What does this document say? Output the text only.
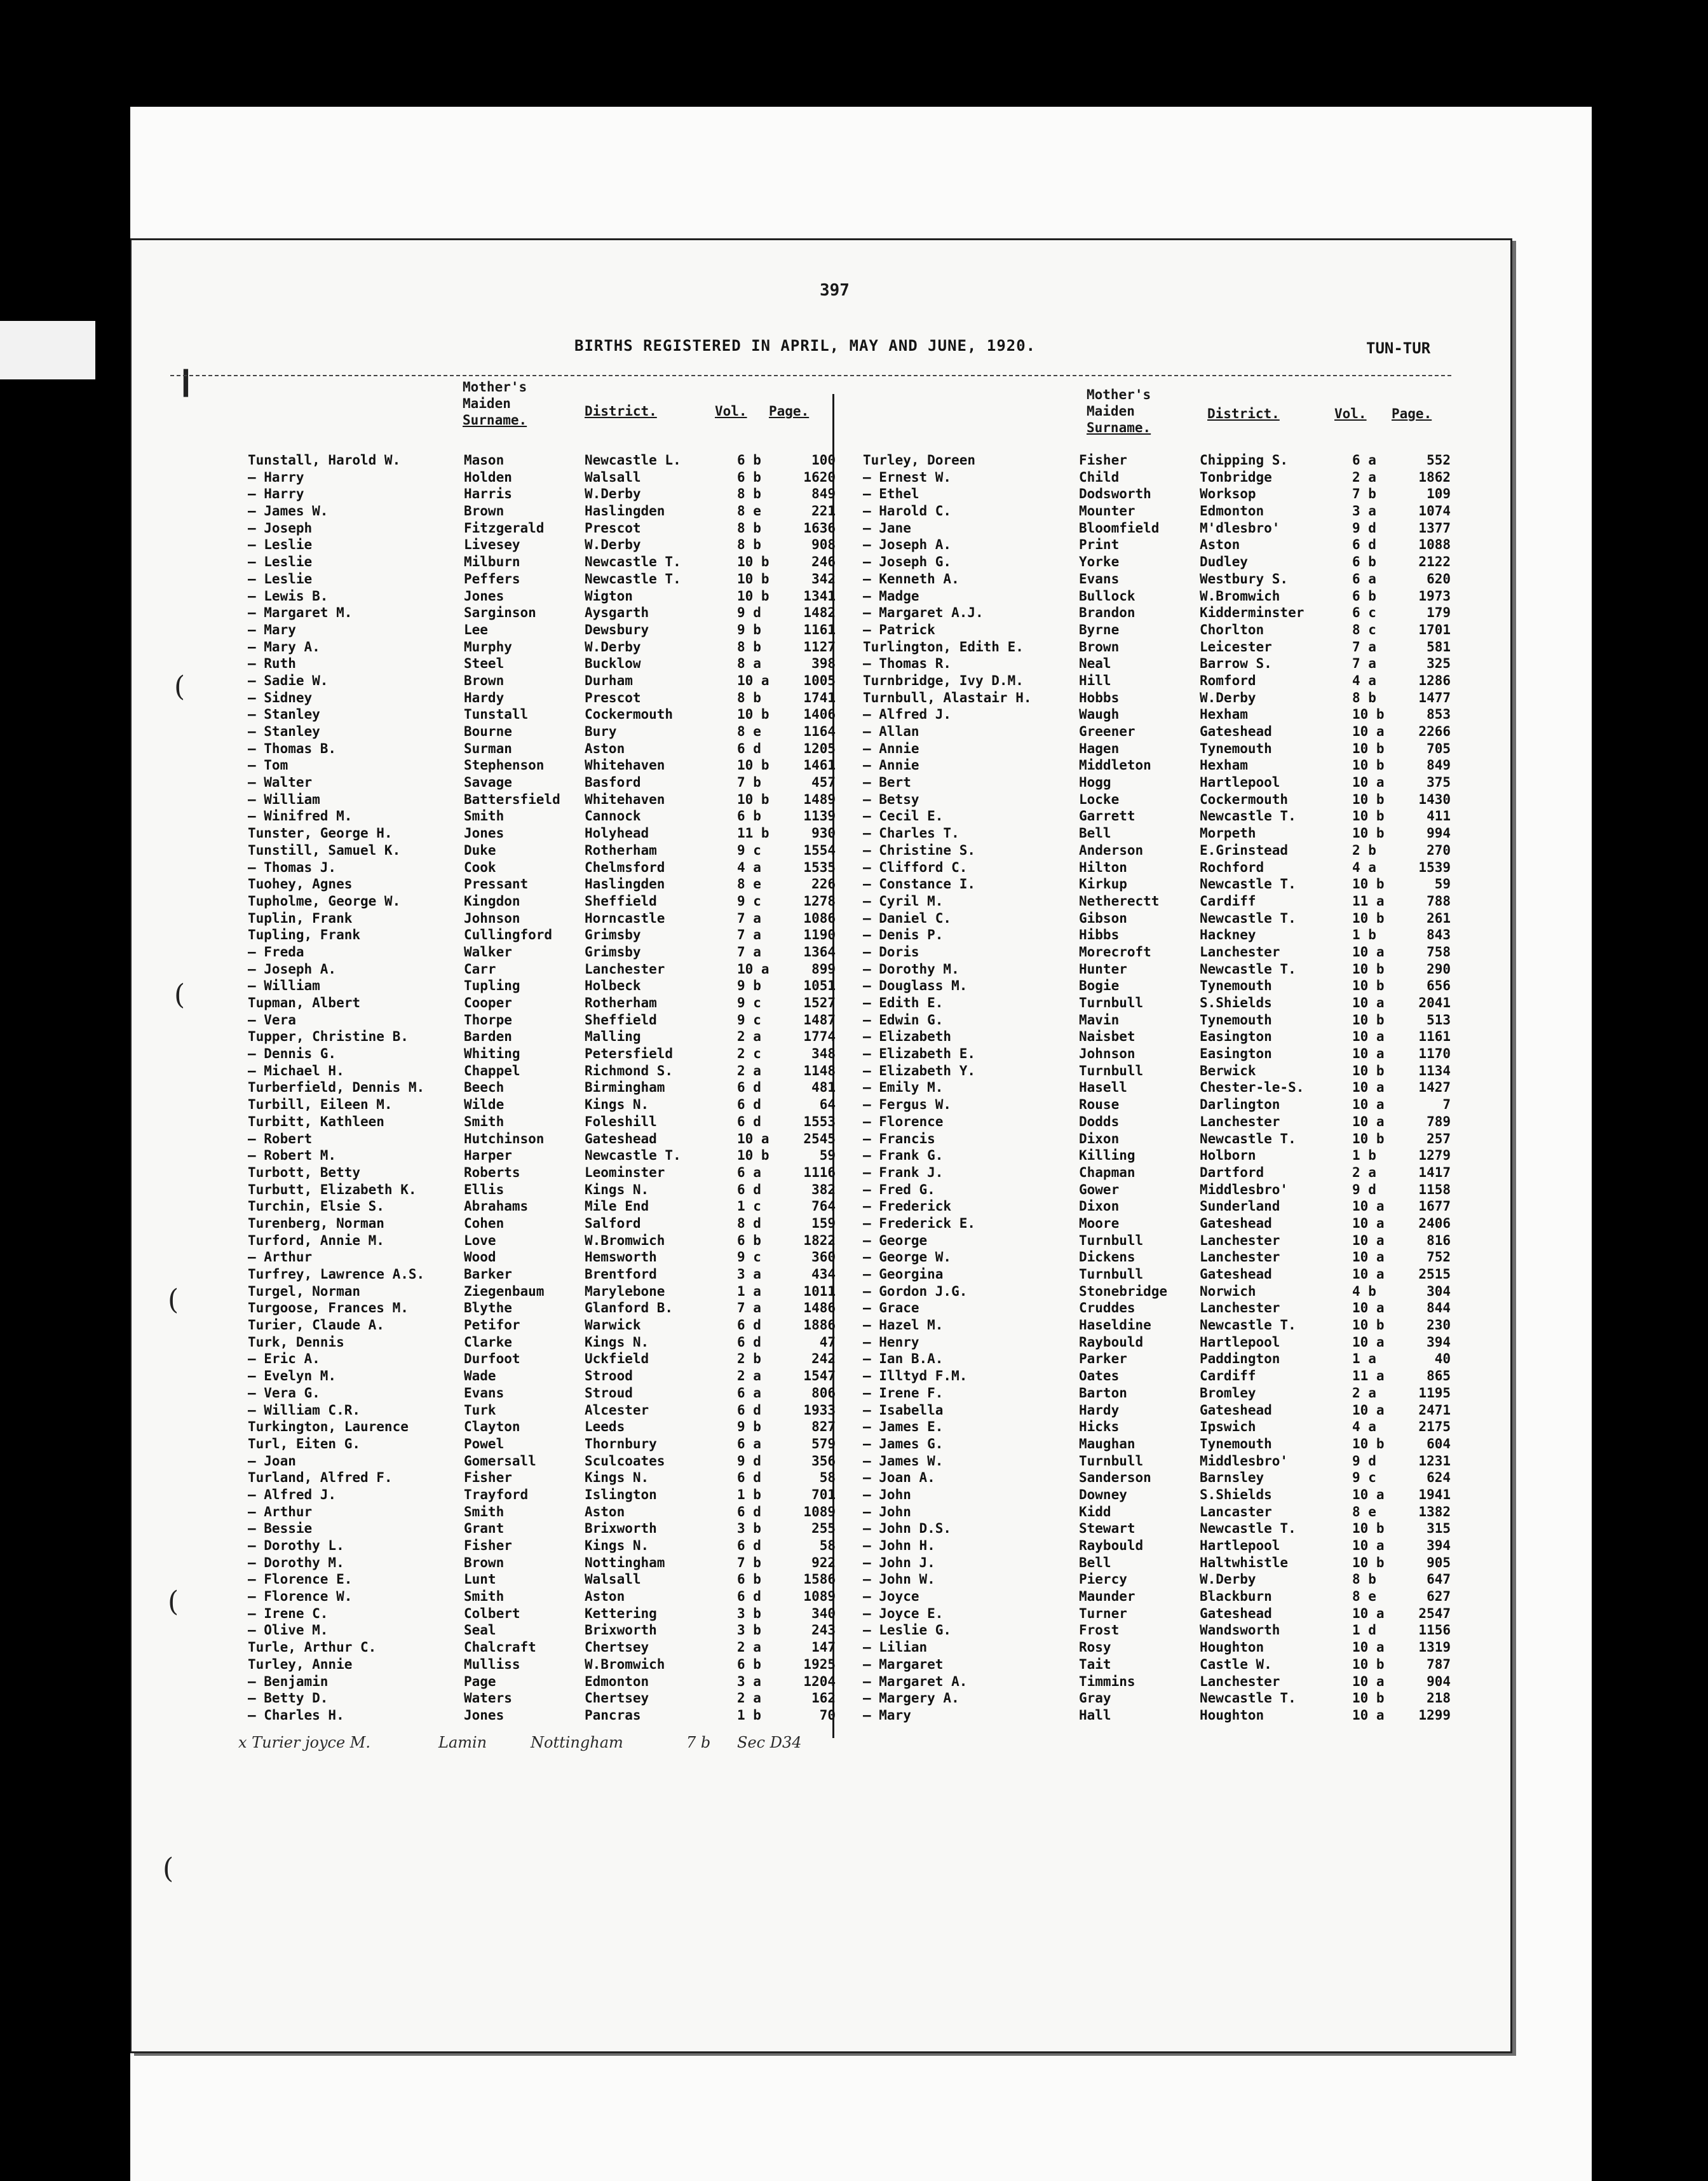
❙
(
(
(
(
(
397
BIRTHS REGISTERED IN APRIL, MAY AND JUNE, 1920.	TUN-TUR
Mother's
Maiden
Surname.
District.	Vol. Page.
Mother's
Maiden
Surname.
District.	Vol. Page.
Tunstall, Harold W.	Mason	Newcastle L.	6 b	100
— Harry	Holden	Walsall	6 b	1620
— Harry	Harris	W.Derby	8 b	849
— James W.	Brown	Haslingden	8 e	221
— Joseph	Fitzgerald	Prescot	8 b	1636
— Leslie	Livesey	W.Derby	8 b	908
— Leslie	Milburn	Newcastle T.	10 b	246
— Leslie	Peffers	Newcastle T.	10 b	342
— Lewis B.	Jones	Wigton	10 b	1341
— Margaret M.	Sarginson	Aysgarth	9 d	1482
— Mary	Lee	Dewsbury	9 b	1161
— Mary A.	Murphy	W.Derby	8 b	1127
— Ruth	Steel	Bucklow	8 a	398
— Sadie W.	Brown	Durham	10 a	1005
— Sidney	Hardy	Prescot	8 b	1741
— Stanley	Tunstall	Cockermouth	10 b	1406
— Stanley	Bourne	Bury	8 e	1164
— Thomas B.	Surman	Aston	6 d	1205
— Tom	Stephenson	Whitehaven	10 b	1461
— Walter	Savage	Basford	7 b	457
— William	Battersfield Whitehaven	10 b	1489
— Winifred M.	Smith	Cannock	6 b	1139
Tunster, George H.	Jones	Holyhead	11 b	930
Tunstill, Samuel K.	Duke	Rotherham	9 c	1554
— Thomas J.	Cook	Chelmsford	4 a	1535
Tuohey, Agnes	Pressant	Haslingden	8 e	226
Tupholme, George W.	Kingdon	Sheffield	9 c	1278
Tuplin, Frank	Johnson	Horncastle	7 a	1086
Tupling, Frank	Cullingford Grimsby	7 a	1190
— Freda	Walker	Grimsby	7 a	1364
— Joseph A.	Carr	Lanchester	10 a	899
— William	Tupling	Holbeck	9 b	1051
Tupman, Albert	Cooper	Rotherham	9 c	1527
— Vera	Thorpe	Sheffield	9 c	1487
Tupper, Christine B.	Barden	Malling	2 a	1774
— Dennis G.	Whiting	Petersfield	2 c	348
— Michael H.	Chappel	Richmond S.	2 a	1148
Turberfield, Dennis M.	Beech	Birmingham	6 d	481
Turbill, Eileen M.	Wilde	Kings N.	6 d	64
Turbitt, Kathleen	Smith	Foleshill	6 d	1553
— Robert	Hutchinson	Gateshead	10 a	2545
— Robert M.	Harper	Newcastle T.	10 b	59
Turbott, Betty	Roberts	Leominster	6 a	1116
Turbutt, Elizabeth K.	Ellis	Kings N.	6 d	382
Turchin, Elsie S.	Abrahams	Mile End	1 c	764
Turenberg, Norman	Cohen	Salford	8 d	159
Turford, Annie M.	Love	W.Bromwich	6 b	1822
— Arthur	Wood	Hemsworth	9 c	360
Turfrey, Lawrence A.S.	Barker	Brentford	3 a	434
Turgel, Norman	Ziegenbaum	Marylebone	1 a	1011
Turgoose, Frances M.	Blythe	Glanford B.	7 a	1486
Turier, Claude A.	Petifor	Warwick	6 d	1886
Turk, Dennis	Clarke	Kings N.	6 d	47
— Eric A.	Durfoot	Uckfield	2 b	242
— Evelyn M.	Wade	Strood	2 a	1547
— Vera G.	Evans	Stroud	6 a	806
— William C.R.	Turk	Alcester	6 d	1933
Turkington, Laurence	Clayton	Leeds	9 b	827
Turl, Eiten G.	Powel	Thornbury	6 a	579
— Joan	Gomersall	Sculcoates	9 d	356
Turland, Alfred F.	Fisher	Kings N.	6 d	58
— Alfred J.	Trayford	Islington	1 b	701
— Arthur	Smith	Aston	6 d	1089
— Bessie	Grant	Brixworth	3 b	255
— Dorothy L.	Fisher	Kings N.	6 d	58
— Dorothy M.	Brown	Nottingham	7 b	922
— Florence E.	Lunt	Walsall	6 b	1586
— Florence W.	Smith	Aston	6 d	1089
— Irene C.	Colbert	Kettering	3 b	340
— Olive M.	Seal	Brixworth	3 b	243
Turle, Arthur C.	Chalcraft	Chertsey	2 a	147
Turley, Annie	Mulliss	W.Bromwich	6 b	1925
— Benjamin	Page	Edmonton	3 a	1204
— Betty D.	Waters	Chertsey	2 a	162
— Charles H.	Jones	Pancras	1 b	70
Turley, Doreen	Fisher	Chipping S.	6 a	552
— Ernest W.	Child	Tonbridge	2 a	1862
— Ethel	Dodsworth	Worksop	7 b	109
— Harold C.	Mounter	Edmonton	3 a	1074
— Jane	Bloomfield	M'dlesbro'	9 d	1377
— Joseph A.	Print	Aston	6 d	1088
— Joseph G.	Yorke	Dudley	6 b	2122
— Kenneth A.	Evans	Westbury S.	6 a	620
— Madge	Bullock	W.Bromwich	6 b	1973
— Margaret A.J.	Brandon	Kidderminster	6 c	179
— Patrick	Byrne	Chorlton	8 c	1701
Turlington, Edith E.	Brown	Leicester	7 a	581
— Thomas R.	Neal	Barrow S.	7 a	325
Turnbridge, Ivy D.M.	Hill	Romford	4 a	1286
Turnbull, Alastair H.	Hobbs	W.Derby	8 b	1477
— Alfred J.	Waugh	Hexham	10 b	853
— Allan	Greener	Gateshead	10 a	2266
— Annie	Hagen	Tynemouth	10 b	705
— Annie	Middleton	Hexham	10 b	849
— Bert	Hogg	Hartlepool	10 a	375
— Betsy	Locke	Cockermouth	10 b	1430
— Cecil E.	Garrett	Newcastle T.	10 b	411
— Charles T.	Bell	Morpeth	10 b	994
— Christine S.	Anderson	E.Grinstead	2 b	270
— Clifford C.	Hilton	Rochford	4 a	1539
— Constance I.	Kirkup	Newcastle T.	10 b	59
— Cyril M.	Netherectt	Cardiff	11 a	788
— Daniel C.	Gibson	Newcastle T.	10 b	261
— Denis P.	Hibbs	Hackney	1 b	843
— Doris	Morecroft	Lanchester	10 a	758
— Dorothy M.	Hunter	Newcastle T.	10 b	290
— Douglass M.	Bogie	Tynemouth	10 b	656
— Edith E.	Turnbull	S.Shields	10 a	2041
— Edwin G.	Mavin	Tynemouth	10 b	513
— Elizabeth	Naisbet	Easington	10 a	1161
— Elizabeth E.	Johnson	Easington	10 a	1170
— Elizabeth Y.	Turnbull	Berwick	10 b	1134
— Emily M.	Hasell	Chester-le-S.	10 a	1427
— Fergus W.	Rouse	Darlington	10 a	7
— Florence	Dodds	Lanchester	10 a	789
— Francis	Dixon	Newcastle T.	10 b	257
— Frank G.	Killing	Holborn	1 b	1279
— Frank J.	Chapman	Dartford	2 a	1417
— Fred G.	Gower	Middlesbro'	9 d	1158
— Frederick	Dixon	Sunderland	10 a	1677
— Frederick E.	Moore	Gateshead	10 a	2406
— George	Turnbull	Lanchester	10 a	816
— George W.	Dickens	Lanchester	10 a	752
— Georgina	Turnbull	Gateshead	10 a	2515
— Gordon J.G.	Stonebridge Norwich	4 b	304
— Grace	Cruddes	Lanchester	10 a	844
— Hazel M.	Haseldine	Newcastle T.	10 b	230
— Henry	Raybould	Hartlepool	10 a	394
— Ian B.A.	Parker	Paddington	1 a	40
— Illtyd F.M.	Oates	Cardiff	11 a	865
— Irene F.	Barton	Bromley	2 a	1195
— Isabella	Hardy	Gateshead	10 a	2471
— James E.	Hicks	Ipswich	4 a	2175
— James G.	Maughan	Tynemouth	10 b	604
— James W.	Turnbull	Middlesbro'	9 d	1231
— Joan A.	Sanderson	Barnsley	9 c	624
— John	Downey	S.Shields	10 a	1941
— John	Kidd	Lancaster	8 e	1382
— John D.S.	Stewart	Newcastle T.	10 b	315
— John H.	Raybould	Hartlepool	10 a	394
— John J.	Bell	Haltwhistle	10 b	905
— John W.	Piercy	W.Derby	8 b	647
— Joyce	Maunder	Blackburn	8 e	627
— Joyce E.	Turner	Gateshead	10 a	2547
— Leslie G.	Frost	Wandsworth	1 d	1156
— Lilian	Rosy	Houghton	10 a	1319
— Margaret	Tait	Castle W.	10 b	787
— Margaret A.	Timmins	Lanchester	10 a	904
— Margery A.	Gray	Newcastle T.	10 b	218
— Mary	Hall	Houghton	10 a	1299
x Turier joyce M.	Lamin	Nottingham	7 b Sec D34
